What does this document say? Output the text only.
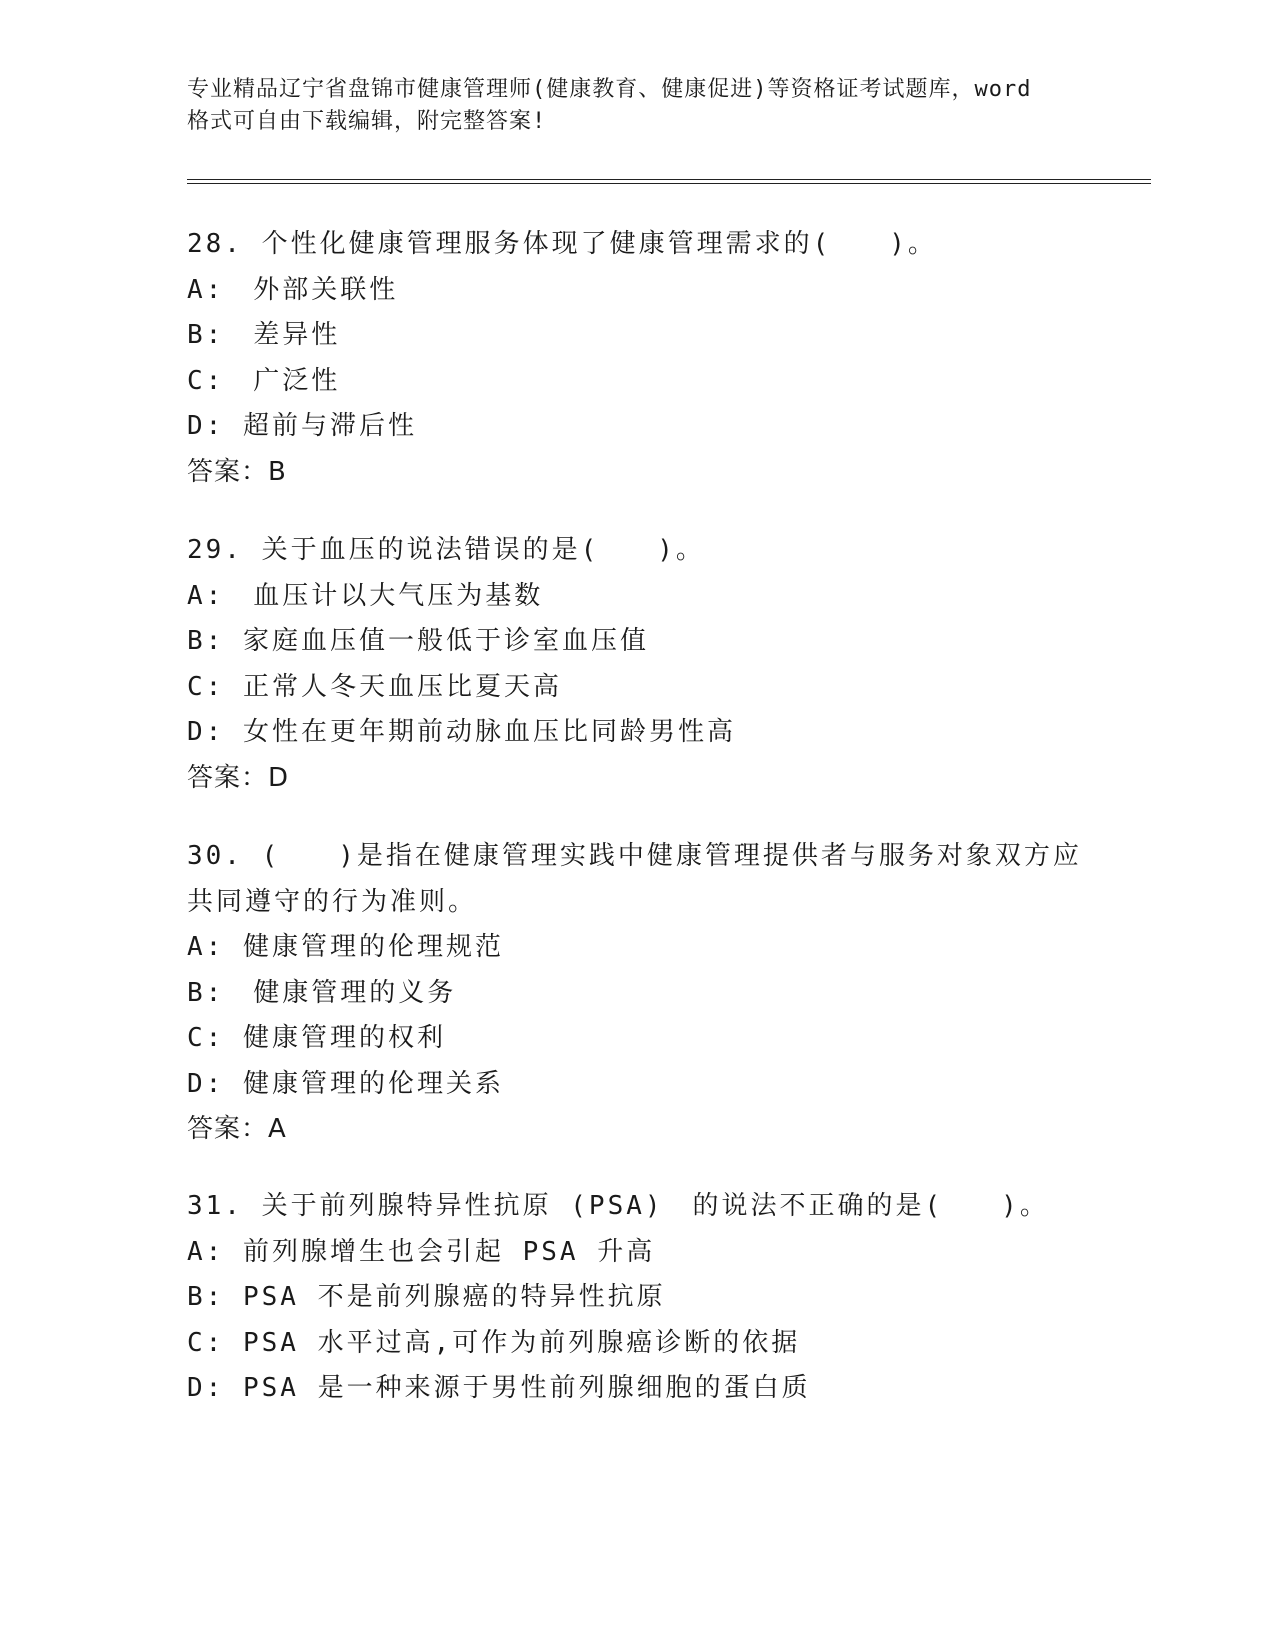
专业精品辽宁省盘锦市健康管理师(健康教育、健康促进)等资格证考试题库，word
格式可自由下载编辑，附完整答案!
28. 个性化健康管理服务体现了健康管理需求的(　　)。
A:　外部关联性
B:　差异性
C:　广泛性
D: 超前与滞后性
答案：B
29. 关于血压的说法错误的是(　　)。
A:　血压计以大气压为基数
B: 家庭血压值一般低于诊室血压值
C: 正常人冬天血压比夏天高
D: 女性在更年期前动脉血压比同龄男性高
答案：D
30. (　　)是指在健康管理实践中健康管理提供者与服务对象双方应
共同遵守的行为准则。
A: 健康管理的伦理规范
B:　健康管理的义务
C: 健康管理的权利
D: 健康管理的伦理关系
答案：A
31. 关于前列腺特异性抗原 (PSA)　的说法不正确的是(　　)。
A: 前列腺增生也会引起 PSA 升高
B: PSA 不是前列腺癌的特异性抗原
C: PSA 水平过高,可作为前列腺癌诊断的依据
D: PSA 是一种来源于男性前列腺细胞的蛋白质
